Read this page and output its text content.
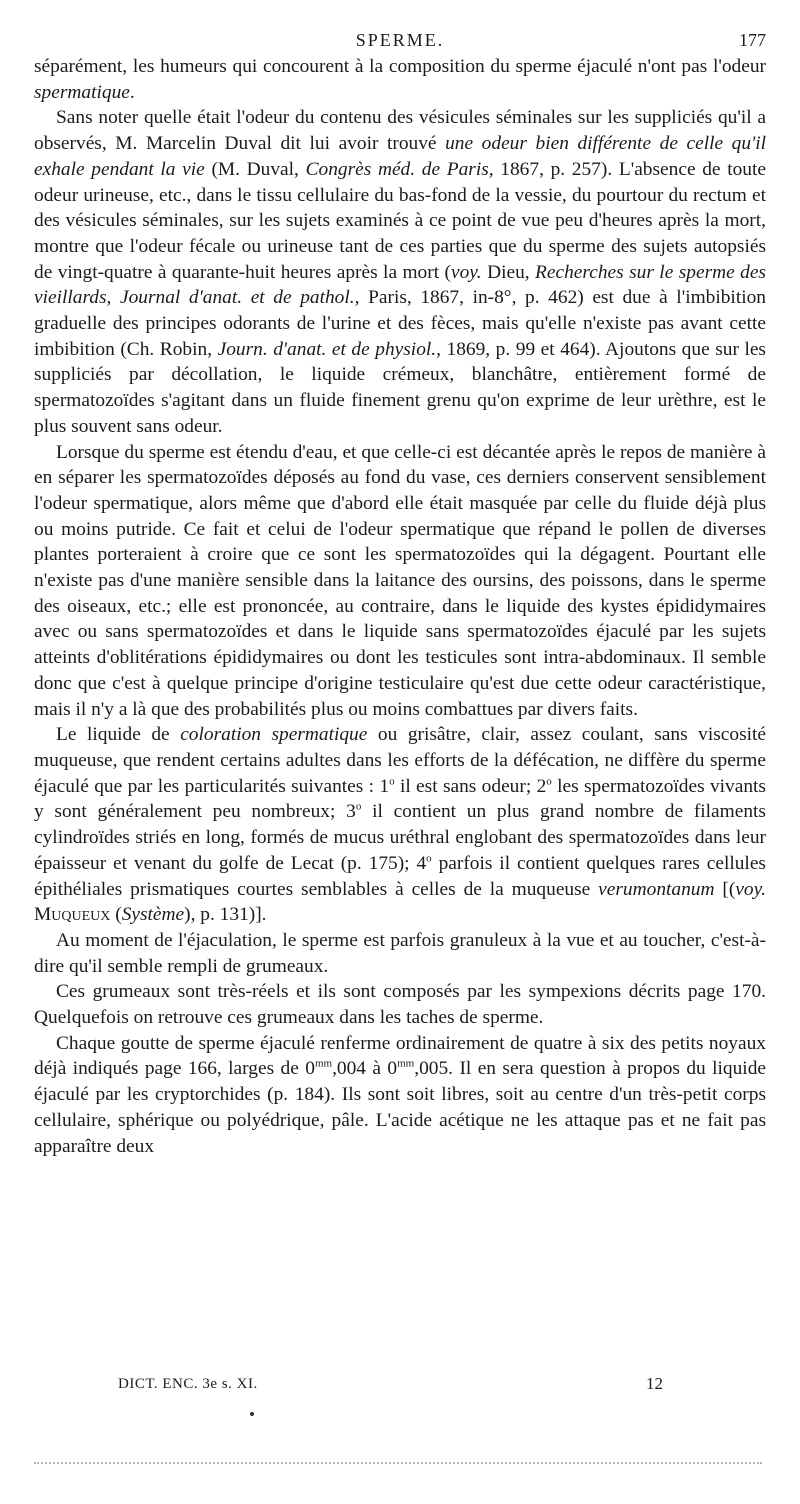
SPERME.	177

séparément, les humeurs qui concourent à la composition du sperme éjaculé n'ont pas l'odeur spermatique.

Sans noter quelle était l'odeur du contenu des vésicules séminales sur les suppliciés qu'il a observés, M. Marcelin Duval dit lui avoir trouvé une odeur bien différente de celle qu'il exhale pendant la vie (M. Duval, Congrès méd. de Paris, 1867, p. 257). L'absence de toute odeur urineuse, etc., dans le tissu cellulaire du bas-fond de la vessie, du pourtour du rectum et des vésicules séminales, sur les sujets examinés à ce point de vue peu d'heures après la mort, montre que l'odeur fécale ou urineuse tant de ces parties que du sperme des sujets autopsiés de vingt-quatre à quarante-huit heures après la mort (voy. Dieu, Recherches sur le sperme des vieillards, Journal d'anat. et de pathol., Paris, 1867, in-8°, p. 462) est due à l'imbibition graduelle des principes odorants de l'urine et des fèces, mais qu'elle n'existe pas avant cette imbibition (Ch. Robin, Journ. d'anat. et de physiol., 1869, p. 99 et 464). Ajoutons que sur les suppliciés par décollation, le liquide crémeux, blanchâtre, entièrement formé de spermatozoïdes s'agitant dans un fluide finement grenu qu'on exprime de leur urèthre, est le plus souvent sans odeur.

Lorsque du sperme est étendu d'eau, et que celle-ci est décantée après le repos de manière à en séparer les spermatozoïdes déposés au fond du vase, ces derniers conservent sensiblement l'odeur spermatique, alors même que d'abord elle était masquée par celle du fluide déjà plus ou moins putride. Ce fait et celui de l'odeur spermatique que répand le pollen de diverses plantes porteraient à croire que ce sont les spermatozoïdes qui la dégagent. Pourtant elle n'existe pas d'une manière sensible dans la laitance des oursins, des poissons, dans le sperme des oiseaux, etc.; elle est prononcée, au contraire, dans le liquide des kystes épididymaires avec ou sans spermatozoïdes et dans le liquide sans spermatozoïdes éjaculé par les sujets atteints d'oblitérations épididymaires ou dont les testicules sont intra-abdominaux. Il semble donc que c'est à quelque principe d'origine testiculaire qu'est due cette odeur caractéristique, mais il n'y a là que des probabilités plus ou moins combattues par divers faits.

Le liquide de coloration spermatique ou grisâtre, clair, assez coulant, sans viscosité muqueuse, que rendent certains adultes dans les efforts de la défécation, ne diffère du sperme éjaculé que par les particularités suivantes : 1$^o$ il est sans odeur; 2$^o$ les spermatozoïdes vivants y sont généralement peu nombreux; 3$^o$ il contient un plus grand nombre de filaments cylindroïdes striés en long, formés de mucus uréthral englobant des spermatozoïdes dans leur épaisseur et venant du golfe de Lecat (p. 175); 4$^o$ parfois il contient quelques rares cellules épithéliales prismatiques courtes semblables à celles de la muqueuse verumontanum [(voy. Muqueux (Système), p. 131)].

Au moment de l'éjaculation, le sperme est parfois granuleux à la vue et au toucher, c'est-à-dire qu'il semble rempli de grumeaux.

Ces grumeaux sont très-réels et ils sont composés par les sympexions décrits page 170. Quelquefois on retrouve ces grumeaux dans les taches de sperme.

Chaque goutte de sperme éjaculé renferme ordinairement de quatre à six des petits noyaux déjà indiqués page 166, larges de $0^{mm},004$ à $0^{mm},005$. Il en sera question à propos du liquide éjaculé par les cryptorchides (p. 184). Ils sont soit libres, soit au centre d'un très-petit corps cellulaire, sphérique ou polyédrique, pâle. L'acide acétique ne les attaque pas et ne fait pas apparaître deux

DICT. ENC. 3e s. XI.	12
